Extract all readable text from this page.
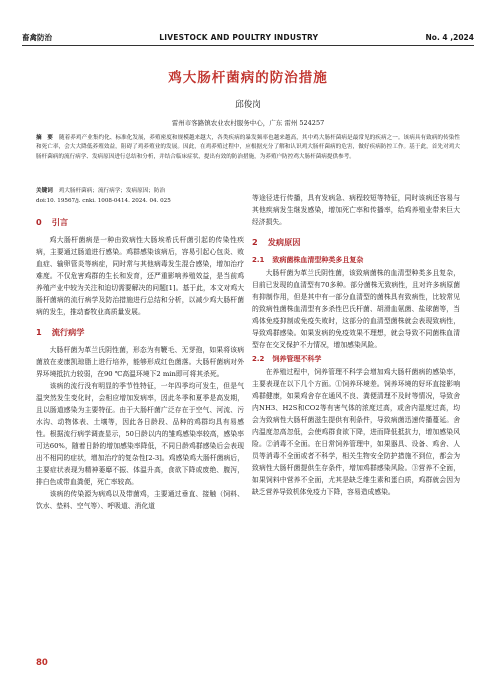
畜禽防治	LIVESTOCK AND POULTRY INDUSTRY	No. 4 ,2024
鸡大肠杆菌病的防治措施
邱俊岗
雷州市客路镇农业农村服务中心，广东 雷州 524257
摘　要 随着养鸡产业集约化、标准化发展，养殖密度和规模越来越大，各类疾病的暴发频率也越来越高，其中鸡大肠杆菌病是最常见的疾病之一。该病具有致病的传染性和死亡率，会大大降低养殖效益，阻碍了鸡养殖业的发展。因此，在鸡养殖过程中，应根据充分了解和认识鸡大肠杆菌病的危害，做好疾病防控工作。基于此，首先对鸡大肠杆菌病的流行病学、发病原因进行总结和分析，并结合临床症状，提出有效的防治措施，为养殖户防控鸡大肠杆菌病提供参考。
关键词 鸡大肠杆菌病；流行病学；发病原因；防治
doi:10. 19567/j. cnki. 1008-0414. 2024. 04. 025
0 引言

鸡大肠杆菌病是一种由致病性大肠埃希氏杆菌引起的传染性疾病，主要通过肠道进行感染。鸡群感染该病后，容易引起心包炎、败血症、输卵管炎等病症，同时常与其他病毒发生混合感染，增加治疗难度。不仅危害鸡群的生长和发育，还严重影响养殖效益，是当前鸡养殖产业中较为关注和迫切需要解决的问题[1]。基于此，本文对鸡大肠杆菌病的流行病学及防治措施进行总结和分析，以减少鸡大肠杆菌病的发生，推动畜牧业高质量发展。

1 流行病学

大肠杆菌为革兰氏阴性菌，形态为有鞭毛、无芽孢，如果将该病菌放在麦康凯琼脂上进行培养，能够形成红色菌落。大肠杆菌病对外界环境抵抗力较弱，在90 ℃高温环境下2 min即可将其杀死。

该病的流行没有明显的季节性特征，一年四季均可发生，但是气温突然发生变化时，会相应增加发病率，因此冬季和夏季是高发期，且以肠道感染为主要特征。由于大肠杆菌广泛存在于空气、河流、污水沟、动物体表、土壤等，因此各日龄段、品种的鸡群均具有易感性。根据流行病学调查显示，50日龄以内的雏鸡感染率较高，感染率可达60%，随着日龄的增加感染率降低，不同日龄鸡群感染后会表现出不相同的症状，增加治疗的复杂性[2-3]。鸡感染鸡大肠杆菌病后，主要症状表现为精神萎靡不振、体温升高，食欲下降或废绝、腹泻，排白色或带血粪便，死亡率较高。

该病的传染源为病鸡以及带菌鸡，主要通过垂直、接触（饲料、饮水、垫料、空气等）、呼吸道、消化道

等途径进行传播，具有发病急、病程较短等特征，同时该病还容易与其他疾病发生继发感染，增加死亡率和传播率，给鸡养殖业带来巨大经济损失。

2 发病原因
2.1 致病菌株血清型种类多且复杂

大肠杆菌为革兰氏阴性菌，该致病菌株的血清型种类多且复杂，目前已发现的血清型有70多种。部分菌株无致病性，且对许多病原菌有抑制作用，但是其中有一部分血清型的菌株具有致病性，比较常见的致病性菌株血清型有多杀性巴氏杆菌、胡滑血氨菌、盐球菌等，当鸡体免疫抑制或免疫失败时，这部分的血清型菌株就会表现致病性，导致鸡群感染。如果发病的免疫效果不理想，就会导致不同菌株血清型存在交叉保护不力情况，增加感染风险。

2.2 饲养管理不科学

在养殖过程中，饲养管理不科学会增加鸡大肠杆菌病的感染率，主要表现在以下几个方面。①饲养环境差。饲养环境的好坏直接影响鸡群健康，如果鸡舍存在通风不良、粪便清理不及时等情况，导致舍内NH3、H2S和CO2等有害气体的浓度过高，或舍内湿度过高，均会为致病性大肠杆菌滋生提供有利条件，导致病菌迅速传播蔓延。舍内温度忽高忽低，会使鸡群食欲下降，进而降低抵抗力，增加感染风险。②消毒不全面。在日常饲养管理中，如果器具、设备、鸡舍、人员等消毒不全面或者不科学，相关生物安全防护措施不到位，都会为致病性大肠杆菌提供生存条件，增加鸡群感染风险。③营养不全面，如果饲料中营养不全面，尤其是缺乏维生素和蛋白质，鸡群就会因为缺乏营养导致机体免疫力下降，容易造成感染。

80
